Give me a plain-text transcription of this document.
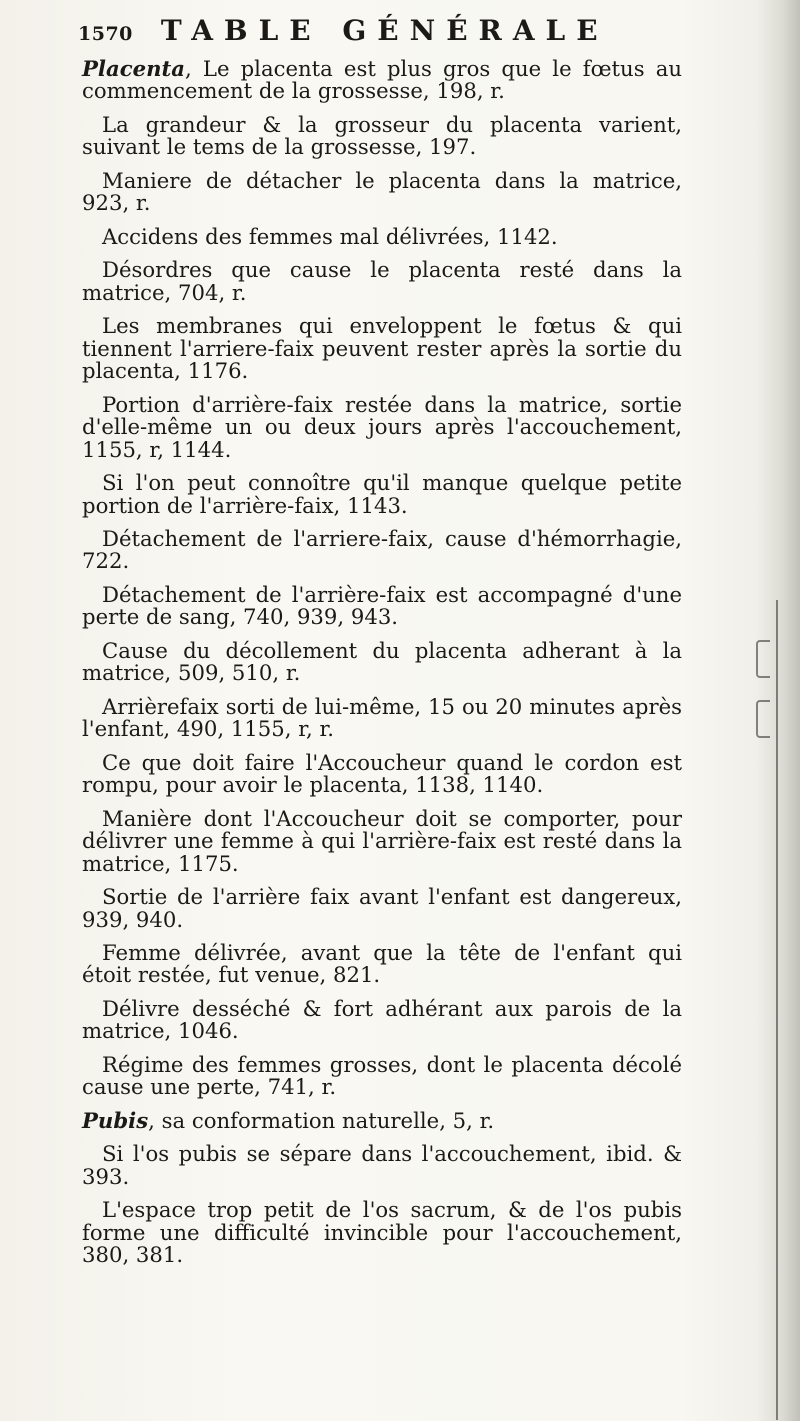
1570 TABLE GÉNÉRALE

Placenta, Le placenta est plus gros que le fœtus au commencement de la grossesse, 198, r.

La grandeur & la grosseur du placenta varient, suivant le tems de la grossesse, 197.

Maniere de détacher le placenta dans la matrice, 923, r.

Accidens des femmes mal délivrées, 1142.

Désordres que cause le placenta resté dans la matrice, 704, r.

Les membranes qui enveloppent le fœtus & qui tiennent l'arriere-faix peuvent rester après la sortie du placenta, 1176.

Portion d'arrière-faix restée dans la matrice, sortie d'elle-même un ou deux jours après l'accouchement, 1155, r, 1144.

Si l'on peut connoître qu'il manque quelque petite portion de l'arrière-faix, 1143.

Détachement de l'arriere-faix, cause d'hémorrhagie, 722.

Détachement de l'arrière-faix est accompagné d'une perte de sang, 740, 939, 943.

Cause du décollement du placenta adherant à la matrice, 509, 510, r.

Arrièrefaix sorti de lui-même, 15 ou 20 minutes après l'enfant, 490, 1155, r, r.

Ce que doit faire l'Accoucheur quand le cordon est rompu, pour avoir le placenta, 1138, 1140.

Manière dont l'Accoucheur doit se comporter, pour délivrer une femme à qui l'arrière-faix est resté dans la matrice, 1175.

Sortie de l'arrière faix avant l'enfant est dangereux, 939, 940.

Femme délivrée, avant que la tête de l'enfant qui étoit restée, fut venue, 821.

Délivre desséché & fort adhérant aux parois de la matrice, 1046.

Régime des femmes grosses, dont le placenta décolé cause une perte, 741, r.

Pubis, sa conformation naturelle, 5, r.

Si l'os pubis se sépare dans l'accouchement, ibid. & 393.

L'espace trop petit de l'os sacrum, & de l'os pubis forme une difficulté invincible pour l'accouchement, 380, 381.
